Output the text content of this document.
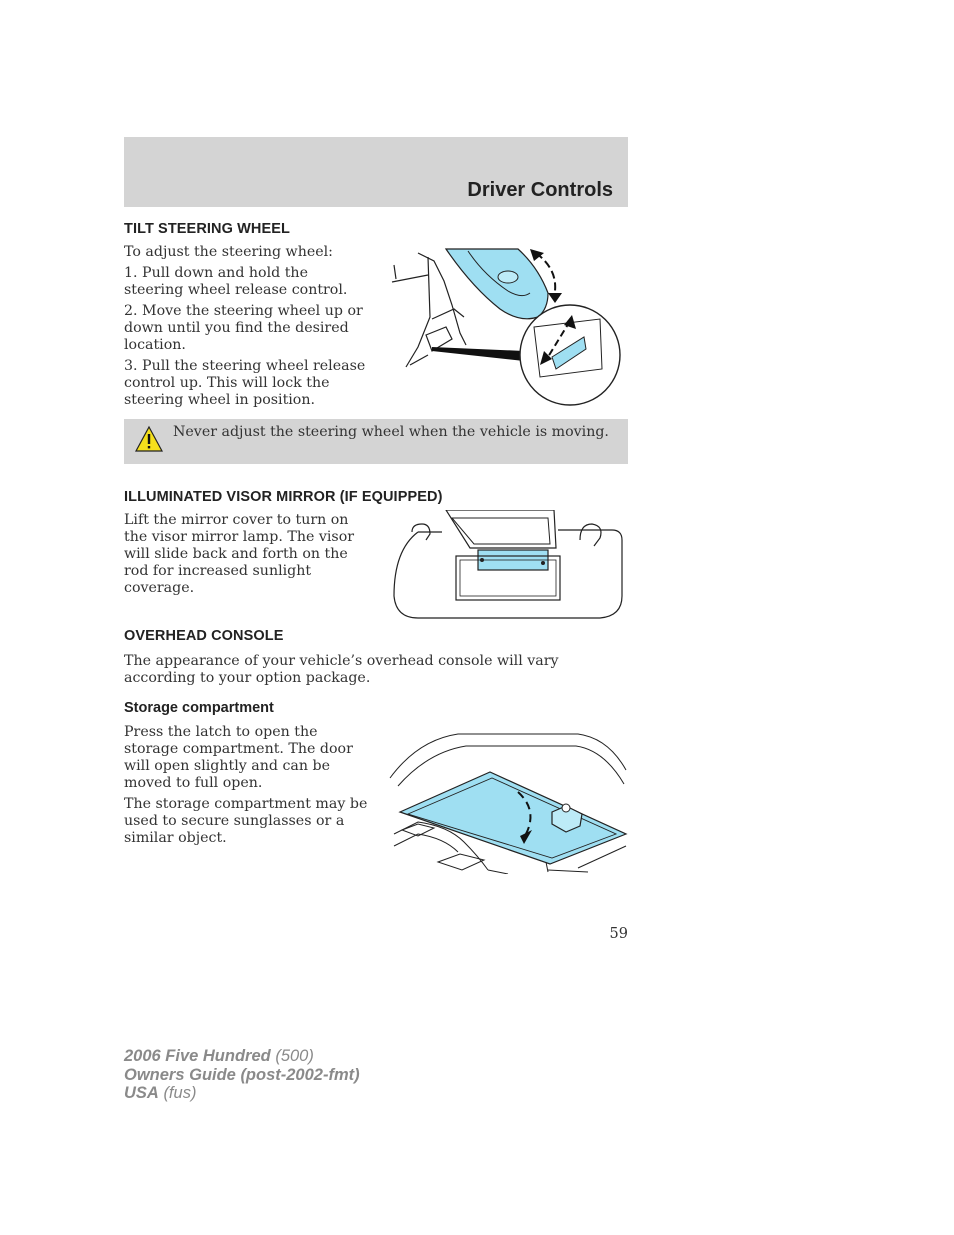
Driver Controls
TILT STEERING WHEEL

To adjust the steering wheel:

1. Pull down and hold the steering wheel release control.

2. Move the steering wheel up or down until you find the desired location.

3. Pull the steering wheel release control up. This will lock the steering wheel in position.

Never adjust the steering wheel when the vehicle is moving.
ILLUMINATED VISOR MIRROR (IF EQUIPPED)

Lift the mirror cover to turn on the visor mirror lamp. The visor will slide back and forth on the rod for increased sunlight coverage.

OVERHEAD CONSOLE

The appearance of your vehicle’s overhead console will vary according to your option package.

Storage compartment

Press the latch to open the storage compartment. The door will open slightly and can be moved to full open.

The storage compartment may be used to secure sunglasses or a similar object.

59
2006 Five Hundred (500)
Owners Guide (post-2002-fmt)
USA (fus)
